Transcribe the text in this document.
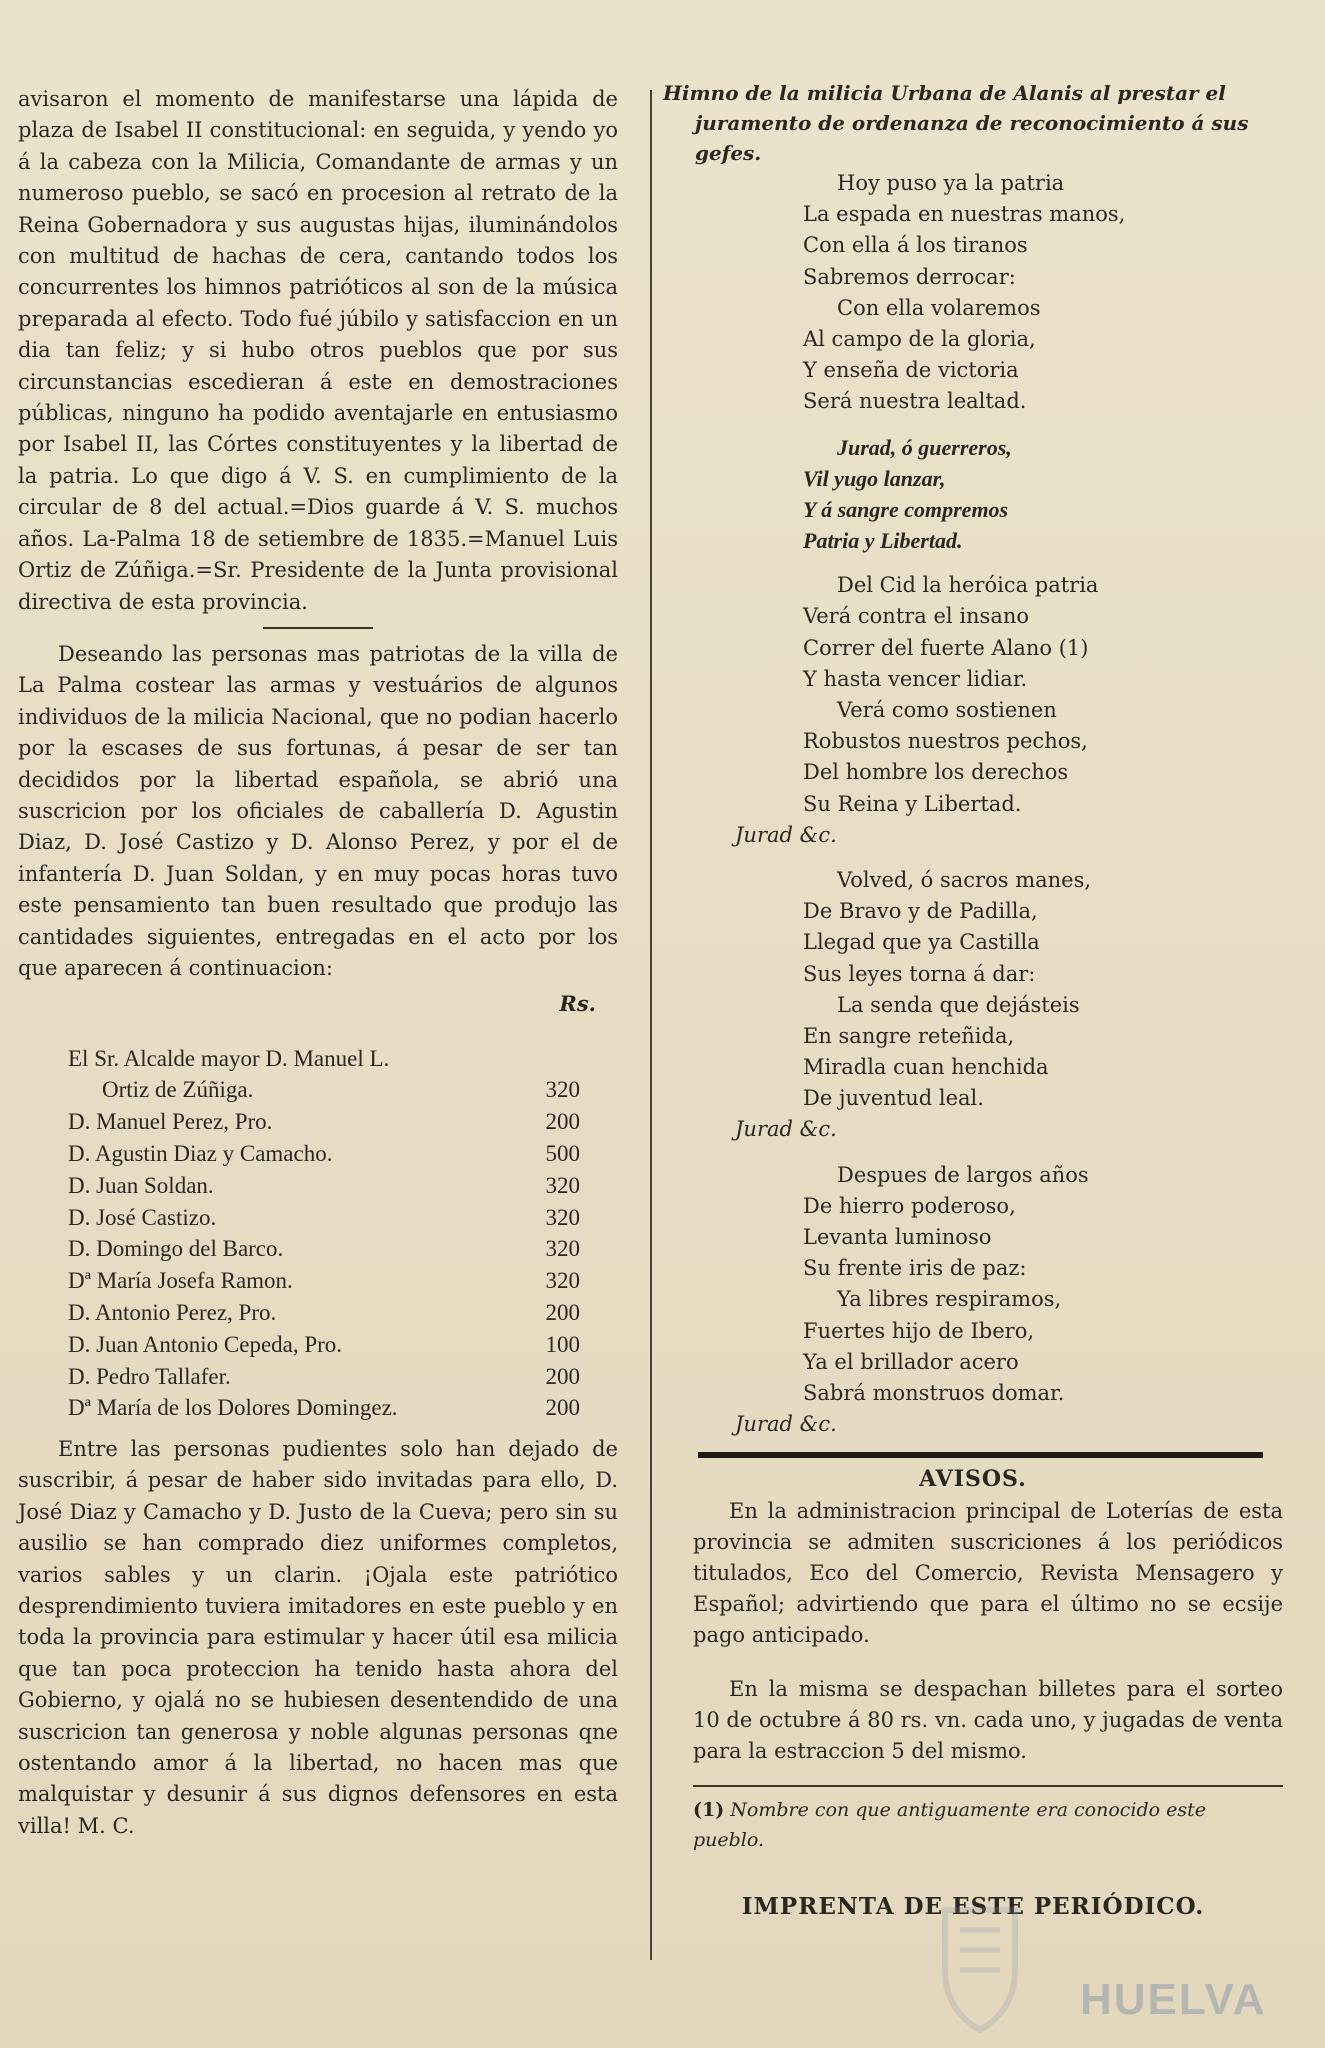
avisaron el momento de manifestarse una lápida de plaza de Isabel II constitucional: en seguida, y yendo yo á la cabeza con la Milicia, Comandante de armas y un numeroso pueblo, se sacó en procesion al retrato de la Reina Gobernadora y sus augustas hijas, iluminándolos con multitud de hachas de cera, cantando todos los concurrentes los himnos patrióticos al son de la música preparada al efecto. Todo fué júbilo y satisfaccion en un dia tan feliz; y si hubo otros pueblos que por sus circunstancias escedieran á este en demostraciones públicas, ninguno ha podido aventajarle en entusiasmo por Isabel II, las Córtes constituyentes y la libertad de la patria. Lo que digo á V. S. en cumplimiento de la circular de 8 del actual.=Dios guarde á V. S. muchos años. La-Palma 18 de setiembre de 1835.=Manuel Luis Ortiz de Zúñiga.=Sr. Presidente de la Junta provisional directiva de esta provincia.

Deseando las personas mas patriotas de la villa de La Palma costear las armas y vestuários de algunos individuos de la milicia Nacional, que no podian hacerlo por la escases de sus fortunas, á pesar de ser tan decididos por la libertad española, se abrió una suscricion por los oficiales de caballería D. Agustin Diaz, D. José Castizo y D. Alonso Perez, y por el de infantería D. Juan Soldan, y en muy pocas horas tuvo este pensamiento tan buen resultado que produjo las cantidades siguientes, entregadas en el acto por los que aparecen á continuacion:

Rs.
El Sr. Alcalde mayor D. Manuel L.
Ortiz de Zúñiga.	320
D. Manuel Perez, Pro.	200
D. Agustin Diaz y Camacho.	500
D. Juan Soldan.	320
D. José Castizo.	320
D. Domingo del Barco.	320
Dª María Josefa Ramon.	320
D. Antonio Perez, Pro.	200
D. Juan Antonio Cepeda, Pro.	100
D. Pedro Tallafer.	200
Dª María de los Dolores Domingez.	200

Entre las personas pudientes solo han dejado de suscribir, á pesar de haber sido invitadas para ello, D. José Diaz y Camacho y D. Justo de la Cueva; pero sin su ausilio se han comprado diez uniformes completos, varios sables y un clarin. ¡Ojala este patriótico desprendimiento tuviera imitadores en este pueblo y en toda la provincia para estimular y hacer útil esa milicia que tan poca proteccion ha tenido hasta ahora del Gobierno, y ojalá no se hubiesen desentendido de una suscricion tan generosa y noble algunas personas qne ostentando amor á la libertad, no hacen mas que malquistar y desunir á sus dignos defensores en esta villa! M. C.

Himno de la milicia Urbana de Alanis al prestar el
juramento de ordenanza de reconocimiento á sus gefes.
Hoy puso ya la patria
La espada en nuestras manos,
Con ella á los tiranos
Sabremos derrocar:
Con ella volaremos
Al campo de la gloria,
Y enseña de victoria
Será nuestra lealtad.
Jurad, ó guerreros,
Vil yugo lanzar,
Y á sangre compremos
Patria y Libertad.
Del Cid la heróica patria
Verá contra el insano
Correr del fuerte Alano (1)
Y hasta vencer lidiar.
Verá como sostienen
Robustos nuestros pechos,
Del hombre los derechos
Su Reina y Libertad.
Jurad &c.
Volved, ó sacros manes,
De Bravo y de Padilla,
Llegad que ya Castilla
Sus leyes torna á dar:
La senda que dejásteis
En sangre reteñida,
Miradla cuan henchida
De juventud leal.
Jurad &c.
Despues de largos años
De hierro poderoso,
Levanta luminoso
Su frente iris de paz:
Ya libres respiramos,
Fuertes hijo de Ibero,
Ya el brillador acero
Sabrá monstruos domar.
Jurad &c.
AVISOS.

En la administracion principal de Loterías de esta provincia se admiten suscriciones á los periódicos titulados, Eco del Comercio, Revista Mensagero y Español; advirtiendo que para el último no se ecsije pago anticipado.

En la misma se despachan billetes para el sorteo 10 de octubre á 80 rs. vn. cada uno, y jugadas de venta para la estraccion 5 del mismo.

(1) Nombre con que antiguamente era conocido este pueblo.
IMPRENTA DE ESTE PERIÓDICO.
HUELVA
